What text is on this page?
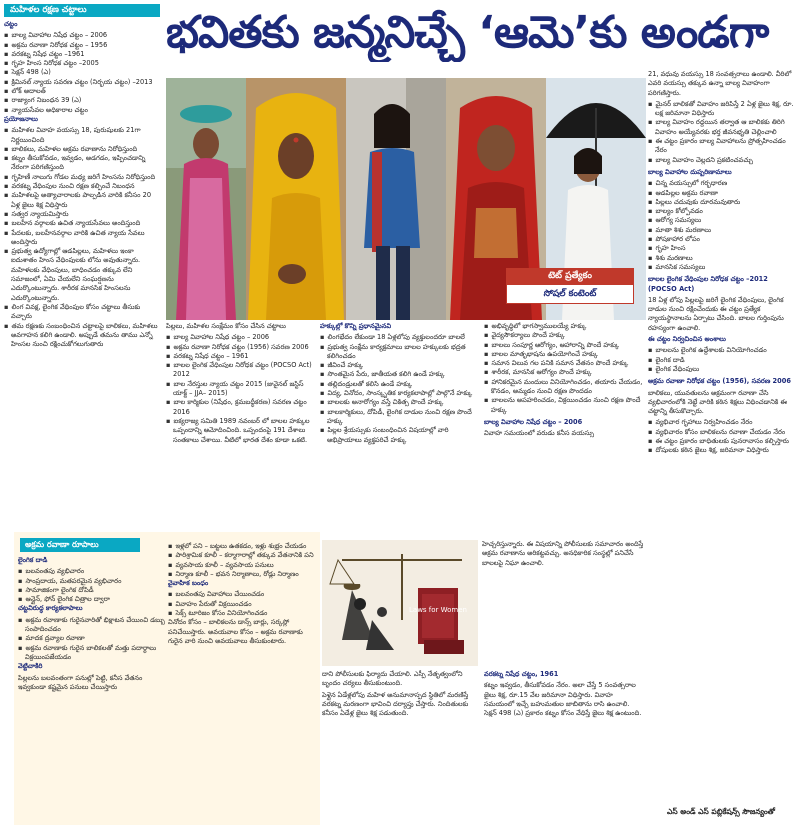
భవితకు జన్మనిచ్చే ‘ఆమె’కు అండగా
మహిళల రక్షణ చట్టాలు

చట్టం

▪ బాల్య వివాహాల నిషేధ చట్టం – 2006
▪ అక్రమ రవాణా నిరోధక చట్టం – 1956
▪ వరకట్న నిషేధ చట్టం –1961
▪ గృహ హింస నిరోధక చట్టం –2005
▪ సెక్షన్ 498 (ఎ)
▪ క్రిమినల్ న్యాయ సవరణ చట్టం (నిర్భయ చట్టం) –2013
▪ లోక్ అదాలత్
▪ రాజ్యాంగ నిబంధన 39 (ఎ)
▪ న్యాయసేవల అధికారాల చట్టం

ప్రయోజనాలు

▪ మహిళల వివాహ వయస్సు 18, పురుషులకు 21గా నిర్ణయించింది
▪ బాలికలు, మహిళల అక్రమ రవాణాను నిరోధిస్తుంది
▪ కట్నం తీసుకోవడం, ఇవ్వడం, అడగడం, ఇప్పించడాన్ని నేరంగా పరిగణిస్తుంది
▪ గృహిణీ నాలుగు గోడల మధ్య జరిగే హింసను నిరోధిస్తుంది
▪ వరకట్న వేధింపుల నుంచి రక్షణ కల్పించే నిబంధన
▪ మహిళలపై అత్యాచారాలకు పాల్పడిన వారికి కనీసం 20 ఏళ్ల జైలు శిక్ష విధిస్తారు
▪ సత్వర న్యాయమిస్తారు
▪ బలహీన వర్గాలకు ఉచిత న్యాయసేవలు అందిస్తుంది
▪ పేదలకు, బలహీనవర్గాల వారికి ఉచిత న్యాయ సేవలు అందిస్తారు
▪ ప్రభుత్వ ఉద్యోగాల్లో ఆడపిల్లలు, మహిళలు ఇంకా ఐదుశాతం హింస వేధింపులకు లోను అవుతున్నారు. మహిళలకు వేధింపులు, బాధించడం తక్కువ లేని సమాజంలో, ఏమి చేయలేని సంఘర్షణను ఎదుర్కొంటున్నారు. శారీరక మానసిక హింసలను ఎదుర్కొంటున్నారు.
▪ లింగ వివక్ష, లైంగిక వేధింపుల కోసం చట్టాలు తీసుకు వచ్చారు
▪ తమ రక్షణకు సంబంధించిన చట్టాలపై బాలికలు, మహిళలు అవగాహన కలిగి ఉండాలి. అప్పుడే తమను తాము ఎన్నో హింసల నుంచి రక్షించుకోగలుగుతారు
టెట్ ప్రత్యేకం
సోషల్ కంటెంట్

పిల్లలు, మహిళల సంక్షేమం కోసం చేసిన చట్టాలు

▪ బాల్య వివాహాల నిషేధ చట్టం – 2006
▪ అక్రమ రవాణా నిరోధక చట్టం (1956) సవరణ 2006
▪ వరకట్న నిషేధ చట్టం – 1961
▪ బాలల లైంగిక వేధింపుల నిరోధక చట్టం (POCSO Act) 2012
▪ బాల నేరస్తుల న్యాయ చట్టం 2015 (జువైనల్ జస్టిస్ యాక్ట్ – JJA– 2015)
▪ బాల కార్మికుల (నిషేధం, క్రమబద్ధీకరణ) సవరణ చట్టం 2016
▪ ఐక్యరాజ్య సమితి 1989 నవంబర్ లో బాలల హక్కుల ఒప్పందాన్ని ఆమోదించింది. ఒప్పందంపై 191 దేశాలు సంతకాలు చేశాయి. వీటిలో భారత దేశం కూడా ఒకటి.

హక్కుల్లో కొన్ని ప్రధానమైనవి

▪ లింగభేదం లేకుండా 18 ఏళ్లలోపు వ్యక్తులందరూ బాలలే
▪ ప్రభుత్వ సంక్షేమ కార్యక్రమాలు బాలల హక్కులకు భద్రత కలిగించడం
▪ జీవించే హక్కు
▪ సొంతమైన పేరు, జాతీయత కలిగి ఉండే హక్కు
▪ తల్లిదండ్రులతో కలిసి ఉండే హక్కు
▪ విద్య, వినోదం, సాంస్కృతిక కార్యకలాపాల్లో పాల్గొనే హక్కు
▪ బాలలకు అనారోగ్యం వస్తే చికిత్స పొందే హక్కు
▪ బాలకార్మికులు, దోపిడీ, లైంగిక దాడుల నుంచి రక్షణ పొందే హక్కు
▪ పిల్లల శ్రేయస్సుకు సంబంధించిన విషయాల్లో వారి అభిప్రాయాలు వ్యక్తపరిచే హక్కు
▪ అభివృద్ధిలో భాగస్వాములయ్యే హక్కు
▪ వైద్యసౌకర్యాలు పొందే హక్కు
▪ బాలలు సంపూర్ణ ఆరోగ్యం, ఆహారాన్ని పొందే హక్కు
▪ బాలల మాతృభాషను ఉపయోగించే హక్కు
▪ సమాన విలువ గల పనికి సమాన వేతనం పొందే హక్కు
▪ శారీరక, మానసిక ఆరోగ్యం పొందే హక్కు
▪ హానికరమైన మందులు వినియోగించడం, తయారు చేయడం, కొనడం, అమ్మడం నుంచి రక్షణ పొందడం
▪ బాలలను అపహరించడం, విక్రయించడం నుంచి రక్షణ పొందే హక్కు

బాల్య వివాహాల నిషేధ చట్టం – 2006

వివాహ సమయంలో వరుడు కనీస వయస్సు

21, వధువు వయస్సు 18 సంవత్సరాలు ఉండాలి. వీరిలో ఎవరి వయస్సు తక్కువ ఉన్నా బాల్య వివాహంగా పరిగణిస్తారు.

▪ మైనర్ బాలికతో వివాహం జరిపిస్తే 2 ఏళ్ల జైలు శిక్ష, రూ. లక్ష జరిమానా విధిస్తారు
▪ బాల్య వివాహం రద్దయిన తర్వాత ఆ బాలికకు తిరిగి వివాహం అయ్యేవరకు భర్త జీవనభృతి చెల్లించాలి
▪ ఈ చట్టం ప్రకారం బాల్య వివాహాలను ప్రోత్సహించడం నేరం
▪ బాల్య వివాహం చెల్లదని ప్రకటించవచ్చు

బాల్య వివాహాల దుష్పరిణామాలు

▪ చిన్న వయస్సులో గర్భధారణ
▪ ఆడపిల్లల అక్రమ రవాణా
▪ పిల్లలు చదువుకు దూరమవుతారు
▪ బాల్యం కోల్పోవడం
▪ ఆరోగ్య సమస్యలు
▪ మాతా శిశు మరణాలు
▪ పోషకాహార లోపం
▪ గృహ హింస
▪ శిశు మరణాలు
▪ మానసిక సమస్యలు

బాలల లైంగిక వేధింపుల నిరోధక చట్టం –2012 (POCSO Act)

18 ఏళ్ల లోపు పిల్లలపై జరిగే లైంగిక వేధింపులు, లైంగిక దాడుల నుంచి రక్షించేందుకు ఈ చట్టం ప్రత్యేక న్యాయస్థానాలను ఏర్పాటు చేసింది. బాలల గుర్తింపును రహస్యంగా ఉంచాలి.

ఈ చట్టం నిర్వచించిన అంశాలు

▪ బాలలను లైంగిక ఉద్దేశాలకు వినియోగించడం
▪ లైంగిక దాడి
▪ లైంగిక వేధింపులు

అక్రమ రవాణా నిరోధక చట్టం (1956), సవరణ 2006

బాలికలు, యువతులను అక్రమంగా రవాణా చేసి వ్యభిచారంలోకి నెట్టే వారికి కఠిన శిక్షలు విధించడానికి ఈ చట్టాన్ని తీసుకొచ్చారు.

▪ వ్యభిచార గృహాలు నిర్వహించడం నేరం
▪ వ్యభిచారం కోసం బాలికలను రవాణా చేయడం నేరం
▪ ఈ చట్టం ప్రకారం బాధితులకు పునరావాసం కల్పిస్తారు
▪ దోషులకు కఠిన జైలు శిక్ష, జరిమానా విధిస్తారు
అక్రమ రవాణా రూపాలు

లైంగిక దాడి

▪ బలవంతపు వ్యభిచారం
▪ సాంప్రదాయ, మతపరమైన వ్యభిచారం
▪ సామాజికంగా లైంగిక దోపిడీ
▪ ఆన్లైన్, ఫోన్ లైంగిక చిత్రాల ద్వారా

చట్టవిరుద్ధ కార్యకలాపాలు

▪ అక్రమ రవాణాకు గురైనవారితో భిక్షాటన చేయించి డబ్బు సంపాదించడం
▪ మాదక ద్రవ్యాల రవాణా
▪ అక్రమ రవాణాకు గురైన బాలికలతో మత్తు పదార్థాలు విక్రయింపజేయడం

వెట్టిచాకిరి

పిల్లలను బలవంతంగా పనుల్లో పెట్టి, కనీస వేతనం ఇవ్వకుండా కష్టమైన పనులు చేయిస్తారు

▪ ఇళ్లలో పని – బట్టలు ఉతకడం, ఇళ్లు శుభ్రం చేయడం
▪ పారిశ్రామిక కూలీ – కర్మాగారాల్లో తక్కువ వేతనానికి పని
▪ వ్యవసాయ కూలీ – వ్యవసాయ పనులు
▪ నిర్మాణ కూలీ – భవన నిర్మాణాలు, రోడ్లు నిర్మాణం

వైవాహిక బంధం

▪ బలవంతపు వివాహాలు చేయించడం
▪ వివాహం పేరుతో విక్రయించడం
▪ సెక్స్ టూరిజం కోసం వినియోగించడం

వినోదం కోసం – బాలికలను డాన్స్ బార్లు, సర్కస్లో పనిచేయిస్తారు. అవయవాల కోసం – అక్రమ రవాణాకు గురైన వారి నుంచి అవయవాలు తీసుకుంటారు.

Laws for Women

హెచ్చరిస్తున్నారు. ఈ విషయాన్ని పోలీసులకు సమాచారం అందిస్తే అక్రమ రవాణాను అరికట్టవచ్చు. అనధికారిక సంస్థల్లో పనిచేసే బాలలపై నిఘా ఉంచాలి.

దాని పోలీసులకు ఫిర్యాదు చేయాలి. ఎస్పీ నేతృత్వంలోని బృందం చర్యలు తీసుకుంటుంది.

పెళ్లైన ఏడేళ్లలోపు మహిళ అనుమానాస్పద స్థితిలో మరణిస్తే వరకట్న మరణంగా భావించి దర్యాప్తు చేస్తారు. నిందితులకు కనీసం ఏడేళ్ల జైలు శిక్ష పడుతుంది.

వరకట్న నిషేధ చట్టం, 1961

కట్నం ఇవ్వడం, తీసుకోవడం నేరం. అలా చేస్తే 5 సంవత్సరాల జైలు శిక్ష, రూ.15 వేల జరిమానా విధిస్తారు. వివాహ సమయంలో ఇచ్చే బహుమతుల జాబితాను రాసి ఉంచాలి. సెక్షన్ 498 (ఎ) ప్రకారం కట్నం కోసం వేధిస్తే జైలు శిక్ష ఉంటుంది.

ఎస్ అండ్ ఎస్ పబ్లికేషన్స్ సౌజన్యంతో
